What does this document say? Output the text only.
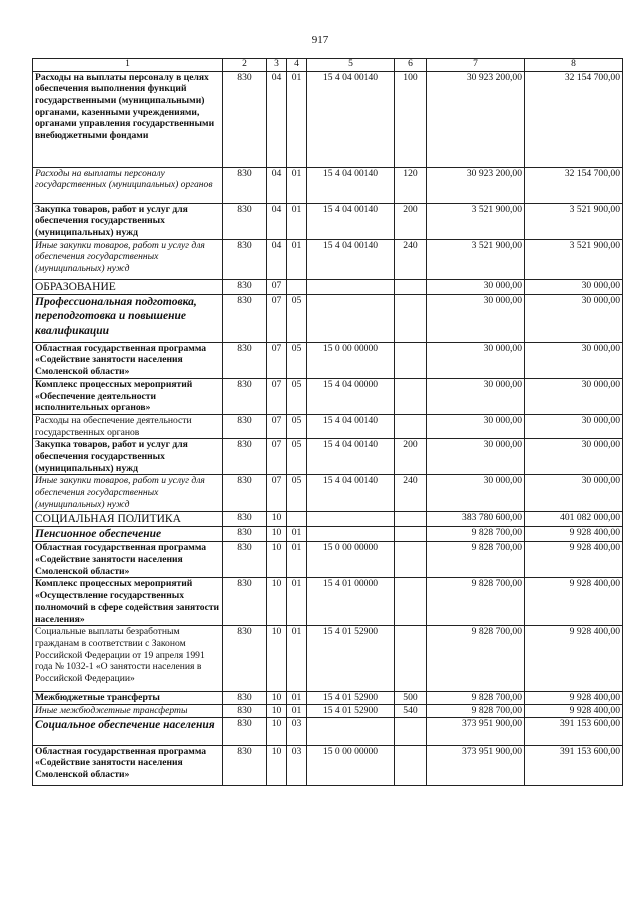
917
1	2	3	4	5	6	7	8
Расходы на выплаты персоналу в целях обеспечения выполнения функций государственными (муниципальными) органами, казенными учреждениями, органами управления государственными внебюджетными фондами	830	04	01	15 4 04 00140	100	30 923 200,00	32 154 700,00
Расходы на выплаты персоналу государственных (муниципальных) органов	830	04	01	15 4 04 00140	120	30 923 200,00	32 154 700,00
Закупка товаров, работ и услуг для обеспечения государственных (муниципальных) нужд	830	04	01	15 4 04 00140	200	3 521 900,00	3 521 900,00
Иные закупки товаров, работ и услуг для обеспечения государственных (муниципальных) нужд	830	04	01	15 4 04 00140	240	3 521 900,00	3 521 900,00
ОБРАЗОВАНИЕ	830	07				30 000,00	30 000,00
Профессиональная подготовка, переподготовка и повышение квалификации	830	07	05			30 000,00	30 000,00
Областная государственная программа «Содействие занятости населения Смоленской области»	830	07	05	15 0 00 00000		30 000,00	30 000,00
Комплекс процессных мероприятий «Обеспечение деятельности исполнительных органов»	830	07	05	15 4 04 00000		30 000,00	30 000,00
Расходы на обеспечение деятельности государственных органов	830	07	05	15 4 04 00140		30 000,00	30 000,00
Закупка товаров, работ и услуг для обеспечения государственных (муниципальных) нужд	830	07	05	15 4 04 00140	200	30 000,00	30 000,00
Иные закупки товаров, работ и услуг для обеспечения государственных (муниципальных) нужд	830	07	05	15 4 04 00140	240	30 000,00	30 000,00
СОЦИАЛЬНАЯ ПОЛИТИКА	830	10				383 780 600,00	401 082 000,00
Пенсионное обеспечение	830	10	01			9 828 700,00	9 928 400,00
Областная государственная программа «Содействие занятости населения Смоленской области»	830	10	01	15 0 00 00000		9 828 700,00	9 928 400,00
Комплекс процессных мероприятий «Осуществление государственных полномочий в сфере содействия занятости населения»	830	10	01	15 4 01 00000		9 828 700,00	9 928 400,00
Социальные выплаты безработным гражданам в соответствии с Законом Российской Федерации от 19 апреля 1991 года № 1032-1 «О занятости населения в Российской Федерации»	830	10	01	15 4 01 52900		9 828 700,00	9 928 400,00
Межбюджетные трансферты	830	10	01	15 4 01 52900	500	9 828 700,00	9 928 400,00
Иные межбюджетные трансферты	830	10	01	15 4 01 52900	540	9 828 700,00	9 928 400,00
Социальное обеспечение населения	830	10	03			373 951 900,00	391 153 600,00
Областная государственная программа «Содействие занятости населения Смоленской области»	830	10	03	15 0 00 00000		373 951 900,00	391 153 600,00
